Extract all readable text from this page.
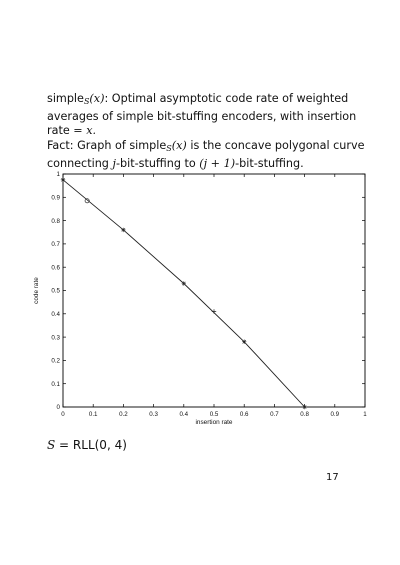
simple$_S$(x): Optimal asymptotic code rate of weighted averages of simple bit-stuffing encoders, with insertion rate = x.

Fact: Graph of simple$_S$(x) is the concave polygonal curve connecting j-bit-stuffing to (j + 1)-bit-stuffing.

0	0.1	0.2	0.3	0.4	0.5	0.6	0.7	0.8	0.9	1
0
0.1
0.2
0.3
0.4
0.5
0.6
0.7
0.8
0.9
1
insertion rate
code rate
S = RLL(0, 4)
17
